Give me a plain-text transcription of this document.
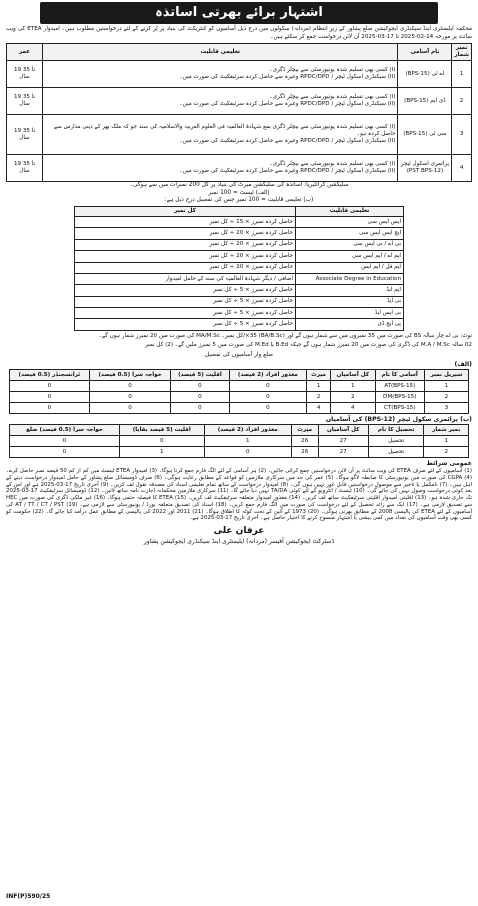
اشتہار برائے بھرتی اساتذہ
محکمہ ایلیمنٹری اینڈ سیکنڈری ایجوکیشن ضلع پشاور کے زیرِ انتظام (مردانہ) سکولوں میں درج ذیل آسامیوں کو کنٹریکٹ کی بنیاد پر پُر کرنے کے لئے درخواستیں مطلوب ہیں۔ امیدوار ETEA کی ویب سائٹ پر مورخہ 14-02-2025 تا 17-03-2025 آن لائن درخواست جمع کر سکتے ہیں۔
نمبر شمار	نام آسامی	تعلیمی قابلیت	عمر
1	اے ٹی (BPS-15)	(I) کسی بھی تسلیم شدہ یونیورسٹی سے بیچلر ڈگری۔
(II) سیکنڈری اسکول ٹیچر / RPDC/DPD وغیرہ سے حاصل کردہ سرٹیفکیٹ کی صورت میں۔	19 تا 35 سال
2	ڈی ایم (BPS-15)	(I) کسی بھی تسلیم شدہ یونیورسٹی سے بیچلر ڈگری۔
(II) سیکنڈری اسکول ٹیچر / RPDC/DPD وغیرہ سے حاصل کردہ سرٹیفکیٹ کی صورت میں۔	19 تا 35 سال
3	سی ٹی (BPS-15)	(I) کسی بھی تسلیم شدہ یونیورسٹی سے بیچلر ڈگری بمع شہادۃ العالمیہ فی العلوم العربیہ والاسلامیہ کی سند جو کہ ملک بھر کے دینی مدارس سے حاصل کردہ ہو۔
(II) سیکنڈری اسکول ٹیچر / RPDC/DPD وغیرہ سے حاصل کردہ سرٹیفکیٹ کی صورت میں۔	19 تا 35 سال
4	پرائمری اسکول ٹیچر (PST BPS-12)	(I) کسی بھی تسلیم شدہ یونیورسٹی سے بیچلر ڈگری۔
(II) سیکنڈری اسکول ٹیچر / RPDC/DPD وغیرہ سے حاصل کردہ سرٹیفکیٹ کی صورت میں۔	19 تا 35 سال
سلیکشن کرائٹیریا: اساتذہ کی سلیکشن میرٹ کی بنیاد پر کل 200 نمبرات میں سے ہوگی۔
(الف) ٹیسٹ = 100 نمبر
(ب) تعلیمی قابلیت = 100 نمبر جس کی تفصیل درج ذیل ہے:
تعلیمی قابلیت	کل نمبر
ایس ایس سی	حاصل کردہ نمبرز × 15 ÷ کل نمبر
ایچ ایس ایس سی	حاصل کردہ نمبرز × 20 ÷ کل نمبر
بی اے / بی ایس سی	حاصل کردہ نمبرز × 20 ÷ کل نمبر
ایم اے / ایم ایس سی	حاصل کردہ نمبرز × 20 ÷ کل نمبر
ایم فل / ایم ایس	حاصل کردہ نمبرز × 20 ÷ کل نمبر
Associate Degree in Education	اضافی / دیگر شہادۃ العالمیہ کی سند کے حامل امیدوار
ایم ایڈ	حاصل کردہ نمبرز × 5 ÷ کل نمبر
بی ایڈ	حاصل کردہ نمبرز × 5 ÷ کل نمبر
بی ایس ایڈ	حاصل کردہ نمبرز × 5 ÷ کل نمبر
پی ایچ ڈی	حاصل کردہ نمبرز × 5 ÷ کل نمبر
نوٹ: بی اے چار سالہ BS کی صورت میں 35 نمبروں میں سے شمار ہوں گے اور (BA/B.Sc) 35×/کل نمبر۔ MA/M.Sc کی صورت میں 20 نمبرز شمار ہوں گے۔
02 سالہ M.A / M.Sc کی ڈگری کی صورت میں 20 نمبرز شمار ہوں گے جبکہ B.Ed یا M.Ed کی صورت میں 5 نمبرز ملیں گے۔ (2) کل نمبر
ضلع وار آسامیوں کی تفصیل
(الف)
سیریل نمبر	آسامی کا نام	کل آسامیاں	میرٹ	معذور افراد (2 فیصد)	اقلیت (5 فیصد)	خواجہ سرا (0.5 فیصد)	ٹرانسجنڈر (0.5 فیصد)
1	AT(BPS-15)	1	1	0	0	0	0
2	DM(BPS-15)	2	2	0	0	0	0
3	CT(BPS-15)	4	4	0	0	0	0
(ب) پرائمری سکول ٹیچر (BPS-12) کی آسامیاں
نمبر شمار	تحصیل کا نام	کل آسامیاں	میرٹ	معذور افراد (2 فیصد)	اقلیت (5 فیصد بقایا)	خواجہ سرا (0.5 فیصد) ضلع
1	تحصیل	27	26	1	0	0
2	تحصیل	27	26	0	1	0
عمومی شرائط
(1) آسامیوں کے لئے صرف ETEA کی ویب سائٹ پر آن لائن درخواستیں جمع کرائی جائیں۔ (2) ہر آسامی کے لئے الگ فارم جمع کرنا ہوگا۔ (3) امیدوار ETEA ٹیسٹ میں کم از کم 50 فیصد نمبر حاصل کرے۔ (4) CGPA کی صورت میں یونیورسٹی کا ضابطہ لاگو ہوگا۔ (5) عمر کی حد میں سرکاری ملازمین کو قواعد کے مطابق رعایت ہوگی۔ (6) صرف ڈومیسائل ضلع پشاور کے حامل امیدوار درخواست دینے کے اہل ہیں۔ (7) نامکمل یا تاخیر سے موصول درخواستیں قابلِ غور نہیں ہوں گی۔ (8) امیدوار درخواست کے ساتھ تمام تعلیمی اسناد کی مصدقہ نقول لف کریں۔ (9) آخری تاریخ 17-03-2025 ہے اور اس کے بعد کوئی درخواست وصول نہیں کی جائے گی۔ (10) ٹیسٹ / انٹرویو کے لئے کوئی TA/DA نہیں دیا جائے گا۔ (11) سرکاری ملازمین محکمانہ اجازت نامہ ساتھ لائیں۔ (12) ڈومیسائل سرٹیفکیٹ 17-03-2025 تک جاری شدہ ہو۔ (13) اقلیتی امیدوار اقلیتی سرٹیفکیٹ ساتھ لف کریں۔ (14) معذور امیدوار متعلقہ سرٹیفکیٹ لف کریں۔ (15) ETEA کا فیصلہ حتمی ہوگا۔ (16) غیر ملکی ڈگری کی صورت میں HEC سے تصدیق لازمی ہے۔ (17) ایک سے زائد تحصیل کے لئے درخواست کی صورت میں الگ فارم جمع کریں۔ (18) اسناد کی تصدیق متعلقہ بورڈ / یونیورسٹی سے لازمی ہے۔ (19) AT / TT / CT / PST کی آسامیوں کے لئے ETEA کی پالیسی 2008 کے مطابق بھرتی ہوگی۔ (20) 1973 کے آئین کے تحت کوٹہ کا اطلاق ہوگا۔ (21) 2011 اور 2022 کی پالیسی کے مطابق عمل درآمد کیا جائے گا۔ (22) حکومت کو کسی بھی وقت آسامیوں کی تعداد میں کمی بیشی یا اشتہار منسوخ کرنے کا اختیار حاصل ہے۔ آخری تاریخ 17-03-2025 ہے۔
عرفان علی
ڈسٹرکٹ ایجوکیشن آفیسر (مردانہ) ایلیمنٹری اینڈ سیکنڈری ایجوکیشن پشاور
INF(P)590/25
